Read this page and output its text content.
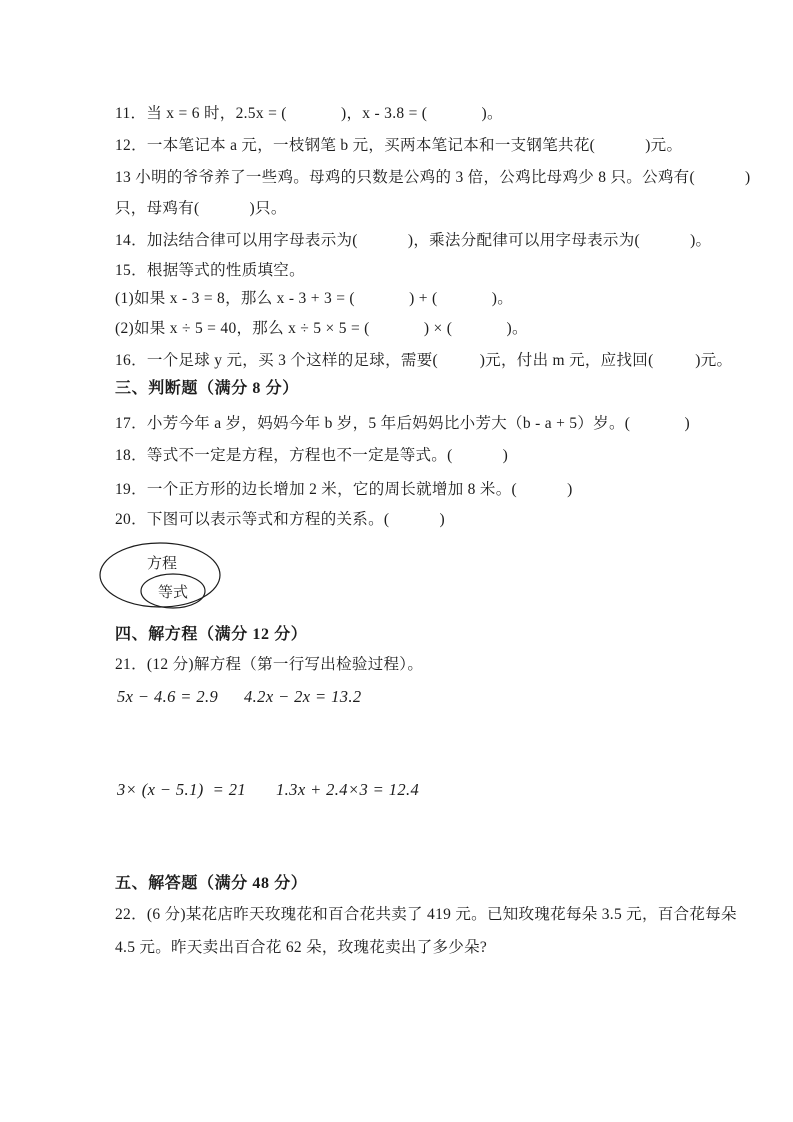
11．当 x = 6 时，2.5x = (             )，x - 3.8 = (             )。
12．一本笔记本 a 元，一枝钢笔 b 元，买两本笔记本和一支钢笔共花(            )元。
13 小明的爷爷养了一些鸡。母鸡的只数是公鸡的 3 倍，公鸡比母鸡少 8 只。公鸡有(            )
只，母鸡有(            )只。
14．加法结合律可以用字母表示为(            )，乘法分配律可以用字母表示为(            )。
15．根据等式的性质填空。
(1)如果 x - 3 = 8，那么 x - 3 + 3 = (             ) + (             )。
(2)如果 x ÷ 5 = 40，那么 x ÷ 5 × 5 = (             ) × (             )。
16．一个足球 y 元，买 3 个这样的足球，需要(          )元，付出 m 元，应找回(          )元。
三、判断题（满分 8 分）
17．小芳今年 a 岁，妈妈今年 b 岁，5 年后妈妈比小芳大（b - a + 5）岁。(             )
18．等式不一定是方程，方程也不一定是等式。(            )
19．一个正方形的边长增加 2 米，它的周长就增加 8 米。(            )
20．下图可以表示等式和方程的关系。(            )
方程
等式
四、解方程（满分 12 分）
21．(12 分)解方程（第一行写出检验过程）。
5x − 4.6 = 2.9 4.2x − 2x = 13.2
3× (x − 5.1)  = 21 1.3x + 2.4×3 = 12.4
五、解答题（满分 48 分）
22．(6 分)某花店昨天玫瑰花和百合花共卖了 419 元。已知玫瑰花每朵 3.5 元，百合花每朵
4.5 元。昨天卖出百合花 62 朵，玫瑰花卖出了多少朵?
